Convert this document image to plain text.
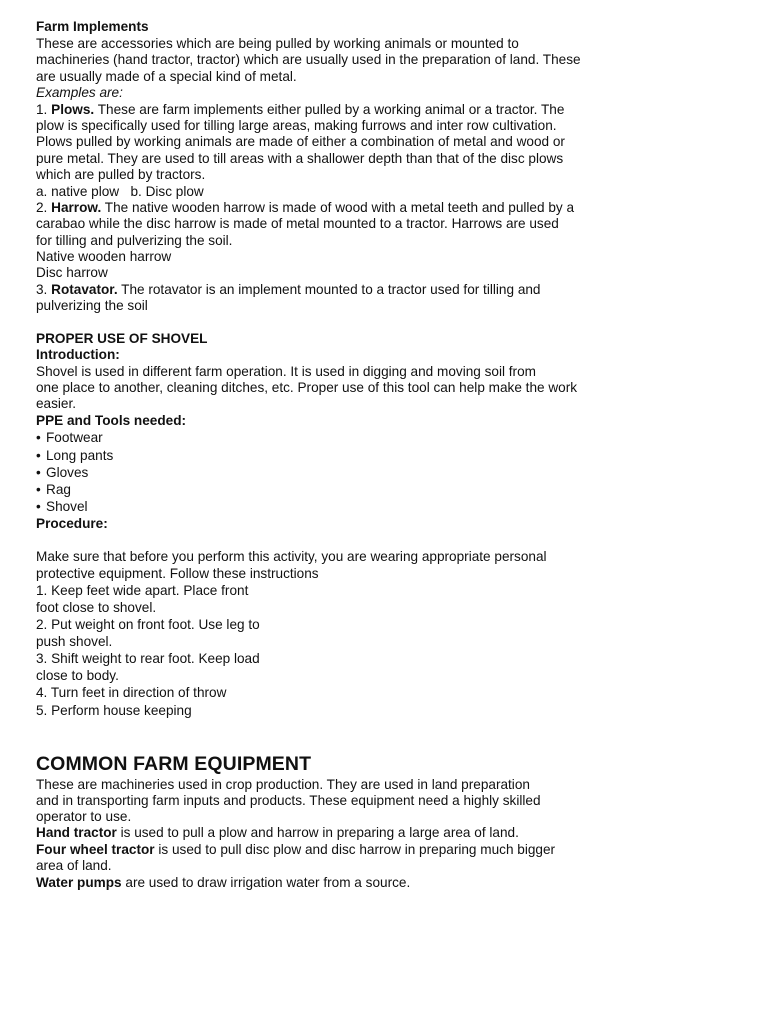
Farm Implements
These are accessories which are being pulled by working animals or mounted to
machineries (hand tractor, tractor) which are usually used in the preparation of land. These
are usually made of a special kind of metal.
Examples are:
1. Plows. These are farm implements either pulled by a working animal or a tractor. The
plow is specifically used for tilling large areas, making furrows and inter row cultivation.
Plows pulled by working animals are made of either a combination of metal and wood or
pure metal. They are used to till areas with a shallower depth than that of the disc plows
which are pulled by tractors.
a. native plow   b. Disc plow
2. Harrow. The native wooden harrow is made of wood with a metal teeth and pulled by a
carabao while the disc harrow is made of metal mounted to a tractor. Harrows are used
for tilling and pulverizing the soil.
Native wooden harrow
Disc harrow
3. Rotavator. The rotavator is an implement mounted to a tractor used for tilling and
pulverizing the soil
PROPER USE OF SHOVEL
Introduction:
Shovel is used in different farm operation. It is used in digging and moving soil from
one place to another, cleaning ditches, etc. Proper use of this tool can help make the work
easier.
PPE and Tools needed:
• Footwear
• Long pants
• Gloves
• Rag
• Shovel
Procedure:
Make sure that before you perform this activity, you are wearing appropriate personal
protective equipment. Follow these instructions
1. Keep feet wide apart. Place front
foot close to shovel.
2. Put weight on front foot. Use leg to
push shovel.
3. Shift weight to rear foot. Keep load
close to body.
4. Turn feet in direction of throw
5. Perform house keeping
COMMON FARM EQUIPMENT
These are machineries used in crop production. They are used in land preparation
and in transporting farm inputs and products. These equipment need a highly skilled
operator to use.
Hand tractor is used to pull a plow and harrow in preparing a large area of land.
Four wheel tractor is used to pull disc plow and disc harrow in preparing much bigger
area of land.
Water pumps are used to draw irrigation water from a source.
